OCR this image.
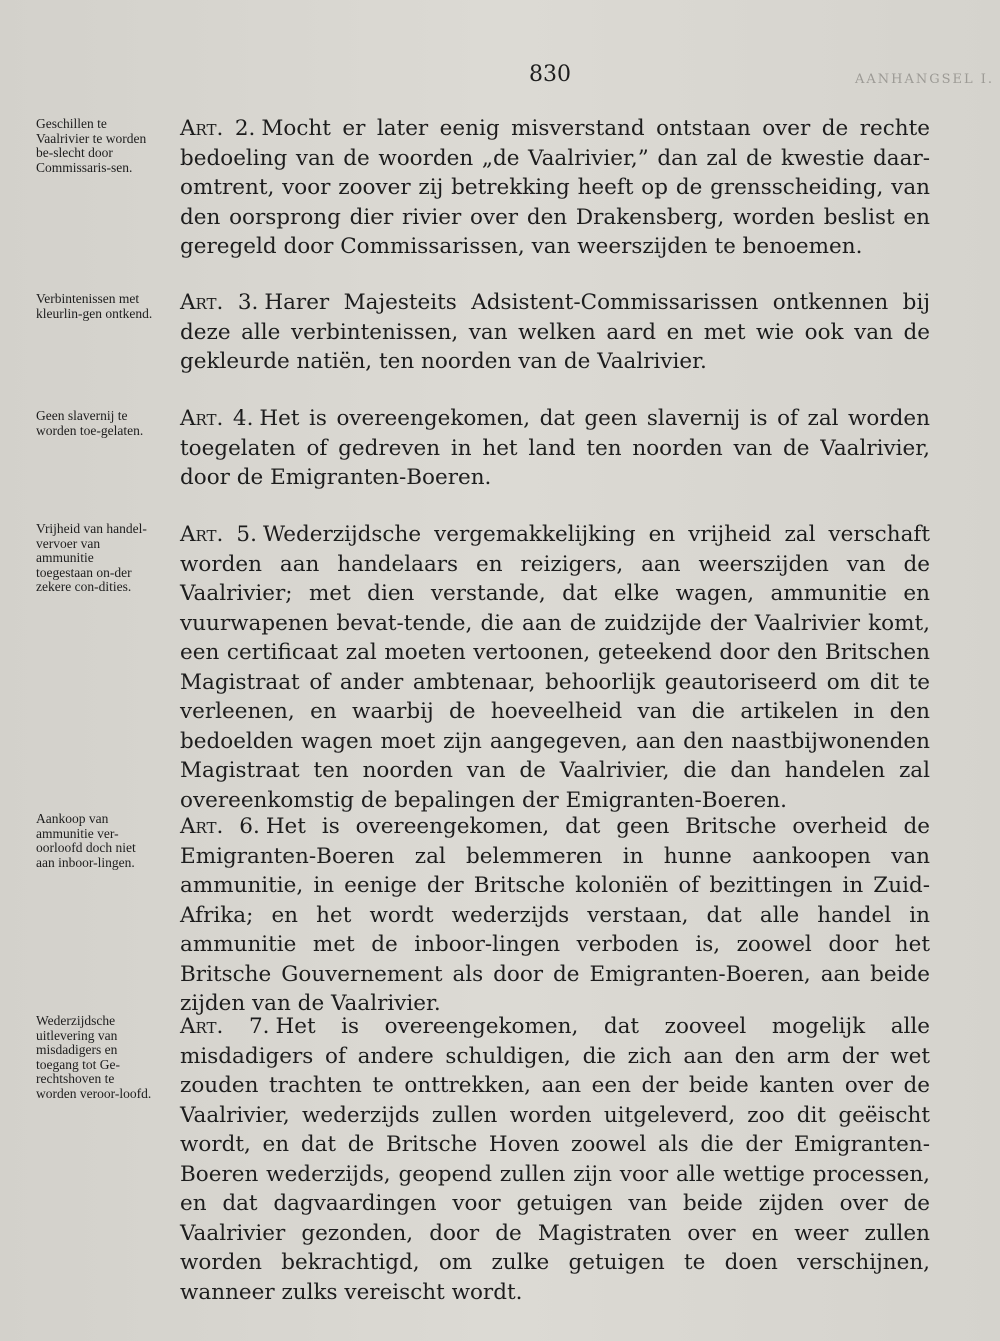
830	AANHANGSEL I.
Geschillen te Vaalrivier te worden be-slecht door Commissaris-sen.

Art. 2. Mocht er later eenig misverstand ontstaan over de rechte bedoeling van de woorden „de Vaalrivier,” dan zal de kwestie daar-omtrent, voor zoover zij betrekking heeft op de grensscheiding, van den oorsprong dier rivier over den Drakensberg, worden beslist en geregeld door Commissarissen, van weerszijden te benoemen.

Verbintenissen met kleurlin-gen ontkend.	Art. 3. Harer Majesteits Adsistent-Commissarissen ontkennen bij deze alle verbintenissen, van welken aard en met wie ook van de gekleurde natiën, ten noorden van de Vaalrivier.

Geen slavernij te worden toe-gelaten.	Art. 4. Het is overeengekomen, dat geen slavernij is of zal worden toegelaten of gedreven in het land ten noorden van de Vaalrivier, door de Emigranten-Boeren.

Vrijheid van handel-vervoer van ammunitie toegestaan on-der zekere con-dities.

Art. 5. Wederzijdsche vergemakkelijking en vrijheid zal verschaft worden aan handelaars en reizigers, aan weerszijden van de Vaalrivier; met dien verstande, dat elke wagen, ammunitie en vuurwapenen bevat-tende, die aan de zuidzijde der Vaalrivier komt, een certificaat zal moeten vertoonen, geteekend door den Britschen Magistraat of ander ambtenaar, behoorlijk geautoriseerd om dit te verleenen, en waarbij de hoeveelheid van die artikelen in den bedoelden wagen moet zijn aangegeven, aan den naastbijwonenden Magistraat ten noorden van de Vaalrivier, die dan handelen zal overeenkomstig de bepalingen der Emigranten-Boeren.

Aankoop van ammunitie ver-oorloofd doch niet aan inboor-lingen.

Art. 6. Het is overeengekomen, dat geen Britsche overheid de Emigranten-Boeren zal belemmeren in hunne aankoopen van ammunitie, in eenige der Britsche koloniën of bezittingen in Zuid-Afrika; en het wordt wederzijds verstaan, dat alle handel in ammunitie met de inboor-lingen verboden is, zoowel door het Britsche Gouvernement als door de Emigranten-Boeren, aan beide zijden van de Vaalrivier.

Wederzijdsche uitlevering van misdadigers en toegang tot Ge-rechtshoven te worden veroor-loofd.

Art. 7. Het is overeengekomen, dat zooveel mogelijk alle misdadigers of andere schuldigen, die zich aan den arm der wet zouden trachten te onttrekken, aan een der beide kanten over de Vaalrivier, wederzijds zullen worden uitgeleverd, zoo dit geëischt wordt, en dat de Britsche Hoven zoowel als die der Emigranten-Boeren wederzijds, geopend zullen zijn voor alle wettige processen, en dat dagvaardingen voor getuigen van beide zijden over de Vaalrivier gezonden, door de Magistraten over en weer zullen worden bekrachtigd, om zulke getuigen te doen verschijnen, wanneer zulks vereischt wordt.
